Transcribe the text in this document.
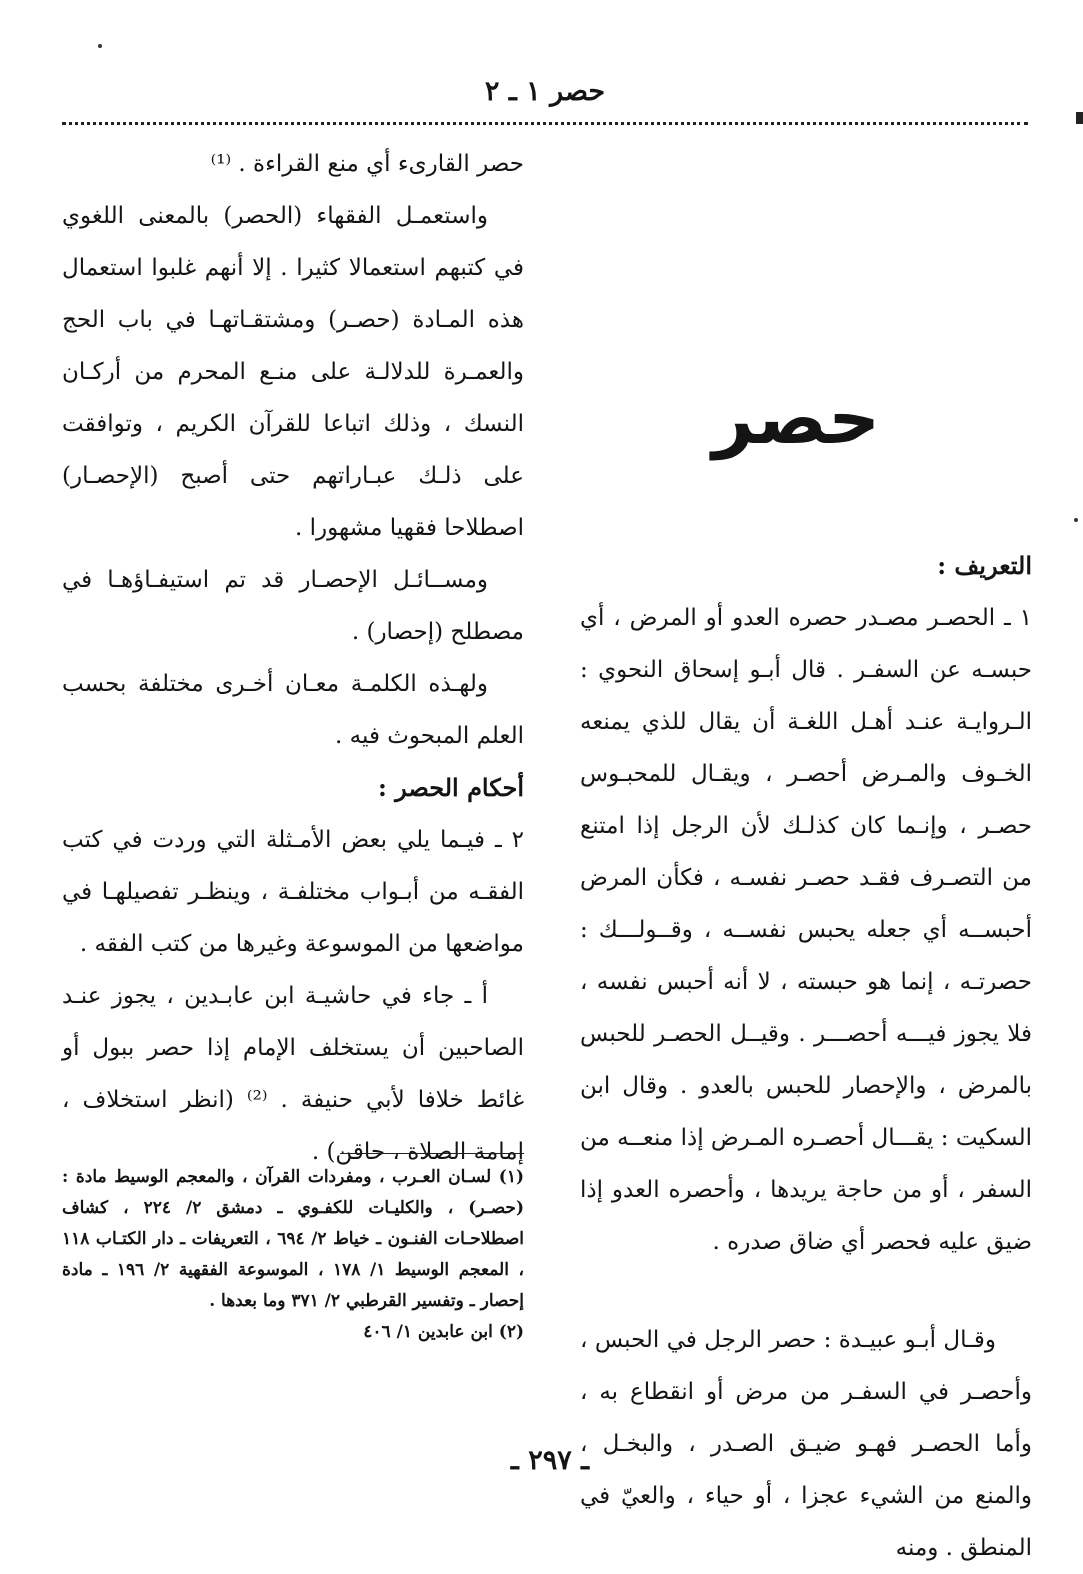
حصر ١ ـ ٢
حصر

حصر القارىء أي منع القراءة . ⁽¹⁾

واستعمـل الفقهاء (الحصر) بالمعنى اللغوي في كتبهم استعمالا كثيرا . إلا أنهم غلبوا استعمال هذه المـادة (حصـر) ومشتقـاتهـا في باب الحج والعمـرة للدلالـة على منـع المحرم من أركـان النسك ، وذلك اتباعا للقرآن الكريم ، وتوافقت على ذلـك عبـاراتهم حتى أصبح (الإحصـار) اصطلاحا فقهيا مشهورا .

ومســائـل الإحصـار قد تم استيفـاؤهـا في مصطلح (إحصار) .

ولهـذه الكلمـة معـان أخـرى مختلفة بحسب العلم المبحوث فيه .

أحكام الحصر :

٢ ـ فيـما يلي بعض الأمـثلة التي وردت في كتب الفقـه من أبـواب مختلفـة ، وينظـر تفصيلهـا في مواضعها من الموسوعة وغيرها من كتب الفقه .

أ ـ جاء في حاشيـة ابن عابـدين ، يجوز عنـد الصاحبين أن يستخلف الإمام إذا حصر ببول أو غائط خلافا لأبي حنيفة . ⁽²⁾ (انظر استخلاف ، إمامة الصلاة ، حاقن) .

التعريف :

١ ـ الحصـر مصـدر حصره العدو أو المرض ، أي حبسـه عن السفـر . قال أبـو إسحاق النحوي : الـروايـة عنـد أهـل اللغـة أن يقال للذي يمنعه الخـوف والمـرض أحصـر ، ويقـال للمحبـوس حصـر ، وإنـما كان كذلـك لأن الرجل إذا امتنع من التصـرف فقـد حصـر نفسـه ، فكأن المرض أحبســه أي جعله يحبس نفســه ، وقــولـــك : حصرتـه ، إنما هو حبسته ، لا أنه أحبس نفسه ، فلا يجوز فيـــه أحصـــر . وقيــل الحصـر للحبس بالمرض ، والإحصار للحبس بالعدو . وقال ابن السكيت : يقـــال أحصـره المـرض إذا منعــه من السفر ، أو من حاجة يريدها ، وأحصره العدو إذا ضيق عليه فحصر أي ضاق صدره .

وقـال أبـو عبيـدة : حصر الرجل في الحبس ، وأحصـر في السفـر من مرض أو انقطاع به ، وأما الحصـر فهـو ضيـق الصـدر ، والبخـل ، والمنع من الشيء عجزا ، أو حياء ، والعيّ في المنطق . ومنه

(١) لسـان العـرب ، ومفردات القرآن ، والمعجم الوسيط مادة : (حصـر) ، والكليـات للكفـوي ـ دمشق ٢/ ٢٢٤ ، كشاف اصطلاحـات الفنـون ـ خياط ٢/ ٦٩٤ ، التعريفات ـ دار الكتـاب ١١٨ ، المعجم الوسيط ١/ ١٧٨ ، الموسوعة الفقهية ٢/ ١٩٦ ـ مادة إحصار ـ وتفسير القرطبي ٢/ ٣٧١ وما بعدها .

(٢) ابن عابدين ١/ ٤٠٦

ـ ٢٩٧ ـ
